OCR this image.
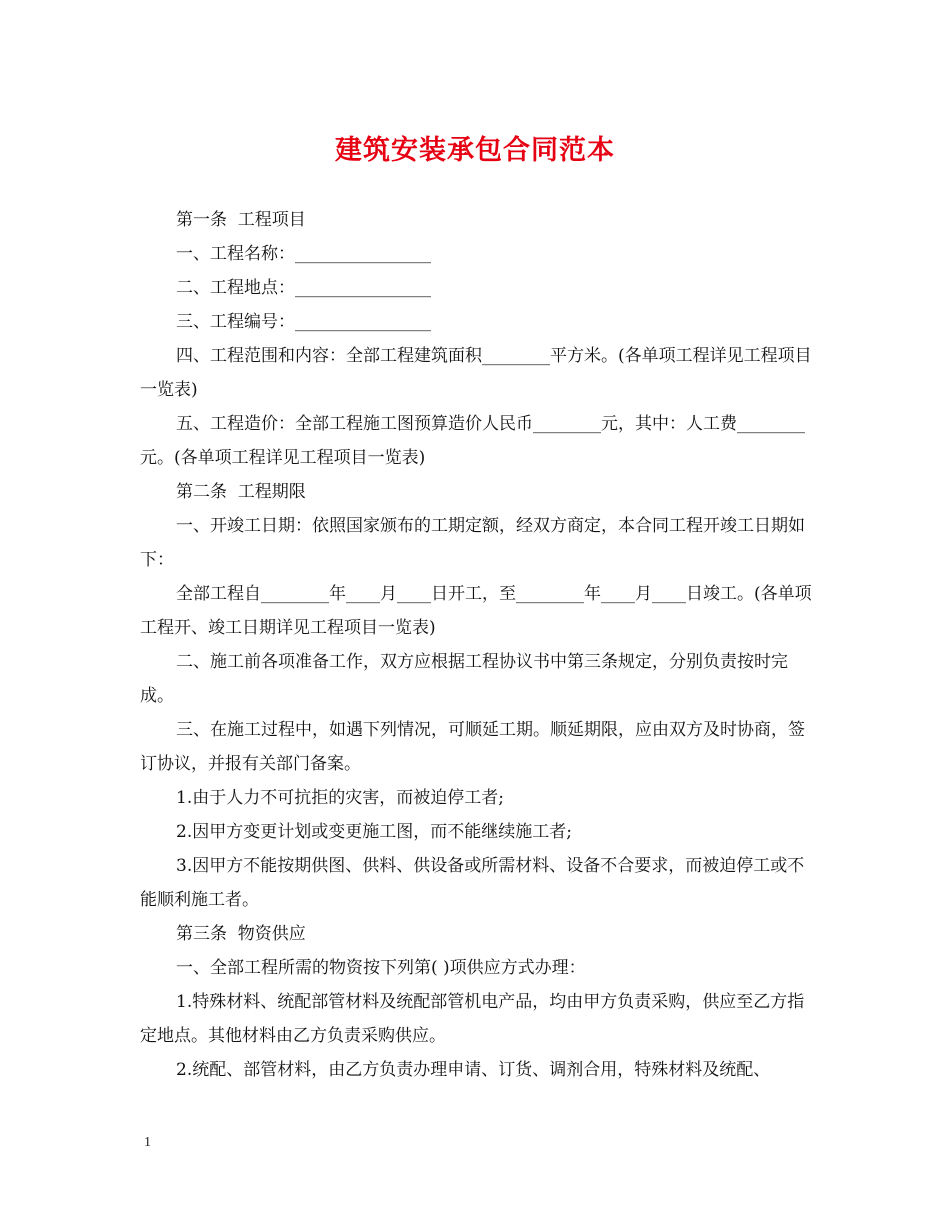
建筑安装承包合同范本

第一条  工程项目

一、工程名称：________________

二、工程地点：________________

三、工程编号：________________

四、工程范围和内容：全部工程建筑面积________平方米。(各单项工程详见工程项目一览表)

五、工程造价：全部工程施工图预算造价人民币________元，其中：人工费________元。(各单项工程详见工程项目一览表)

第二条  工程期限

一、开竣工日期：依照国家颁布的工期定额，经双方商定，本合同工程开竣工日期如下：

全部工程自________年____月____日开工，至________年____月____日竣工。(各单项工程开、竣工日期详见工程项目一览表)

二、施工前各项准备工作，双方应根据工程协议书中第三条规定，分别负责按时完成。

三、在施工过程中，如遇下列情况，可顺延工期。顺延期限，应由双方及时协商，签订协议，并报有关部门备案。

1.由于人力不可抗拒的灾害，而被迫停工者;

2.因甲方变更计划或变更施工图，而不能继续施工者;

3.因甲方不能按期供图、供料、供设备或所需材料、设备不合要求，而被迫停工或不能顺利施工者。

第三条  物资供应

一、全部工程所需的物资按下列第( )项供应方式办理：

1.特殊材料、统配部管材料及统配部管机电产品，均由甲方负责采购，供应至乙方指定地点。其他材料由乙方负责采购供应。

2.统配、部管材料，由乙方负责办理申请、订货、调剂合用，特殊材料及统配、

1
